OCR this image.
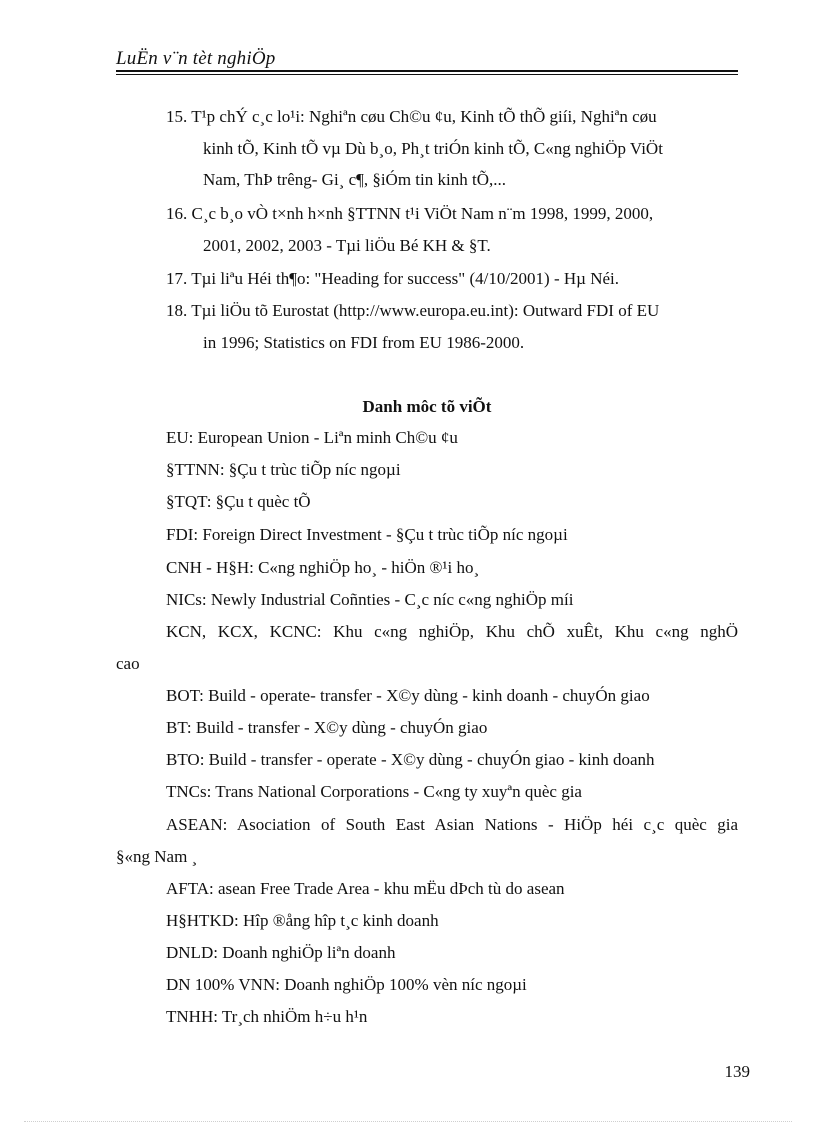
LuËn v¨n tèt nghiÖp
15. T¹p chÝ c¸c lo¹i: Nghiªn cøu Ch©u ¢u, Kinh tÕ thÕ giíi, Nghiªn cøu
kinh tÕ, Kinh tÕ vµ Dù b¸o, Ph¸t triÓn kinh tÕ, C«ng nghiÖp ViÖt
Nam, ThÞ trêng- Gi¸ c¶, §iÓm tin kinh tÕ,...
16. C¸c b¸o vÒ t×nh h×nh §TTNN t¹i ViÖt Nam n¨m 1998, 1999, 2000,
2001, 2002, 2003 - Tµi liÖu Bé KH & §T.
17. Tµi liªu Héi th¶o: "Heading for success" (4/10/2001) - Hµ Néi.
18. Tµi liÖu tõ Eurostat (http://www.europa.eu.int): Outward FDI of EU
in 1996; Statistics on FDI from EU 1986-2000.
Danh môc tõ viÕt
EU: European Union - Liªn minh Ch©u ¢u
§TTNN: §Çu t trùc tiÕp níc ngoµi
§TQT: §Çu t quèc tÕ
FDI: Foreign Direct Investment - §Çu t trùc tiÕp níc ngoµi
CNH - H§H: C«ng nghiÖp ho¸ - hiÖn ®¹i ho¸
NICs: Newly Industrial Coñnties - C¸c níc c«ng nghiÖp míi
KCN, KCX, KCNC: Khu c«ng nghiÖp, Khu chÕ xuÊt, Khu c«ng nghÖ
cao
BOT: Build - operate- transfer - X©y dùng - kinh doanh - chuyÓn giao
BT: Build - transfer - X©y dùng - chuyÓn giao
BTO: Build - transfer - operate - X©y dùng - chuyÓn giao - kinh doanh
TNCs: Trans National Corporations - C«ng ty xuyªn quèc gia
ASEAN: Asociation of South East Asian Nations - HiÖp héi c¸c quèc gia
§«ng Nam ¸
AFTA: asean Free Trade Area - khu mËu dÞch tù do asean
H§HTKD: Hîp ®ång hîp t¸c kinh doanh
DNLD: Doanh nghiÖp liªn doanh
DN 100% VNN: Doanh nghiÖp 100% vèn níc ngoµi
TNHH: Tr¸ch nhiÖm h÷u h¹n
139
